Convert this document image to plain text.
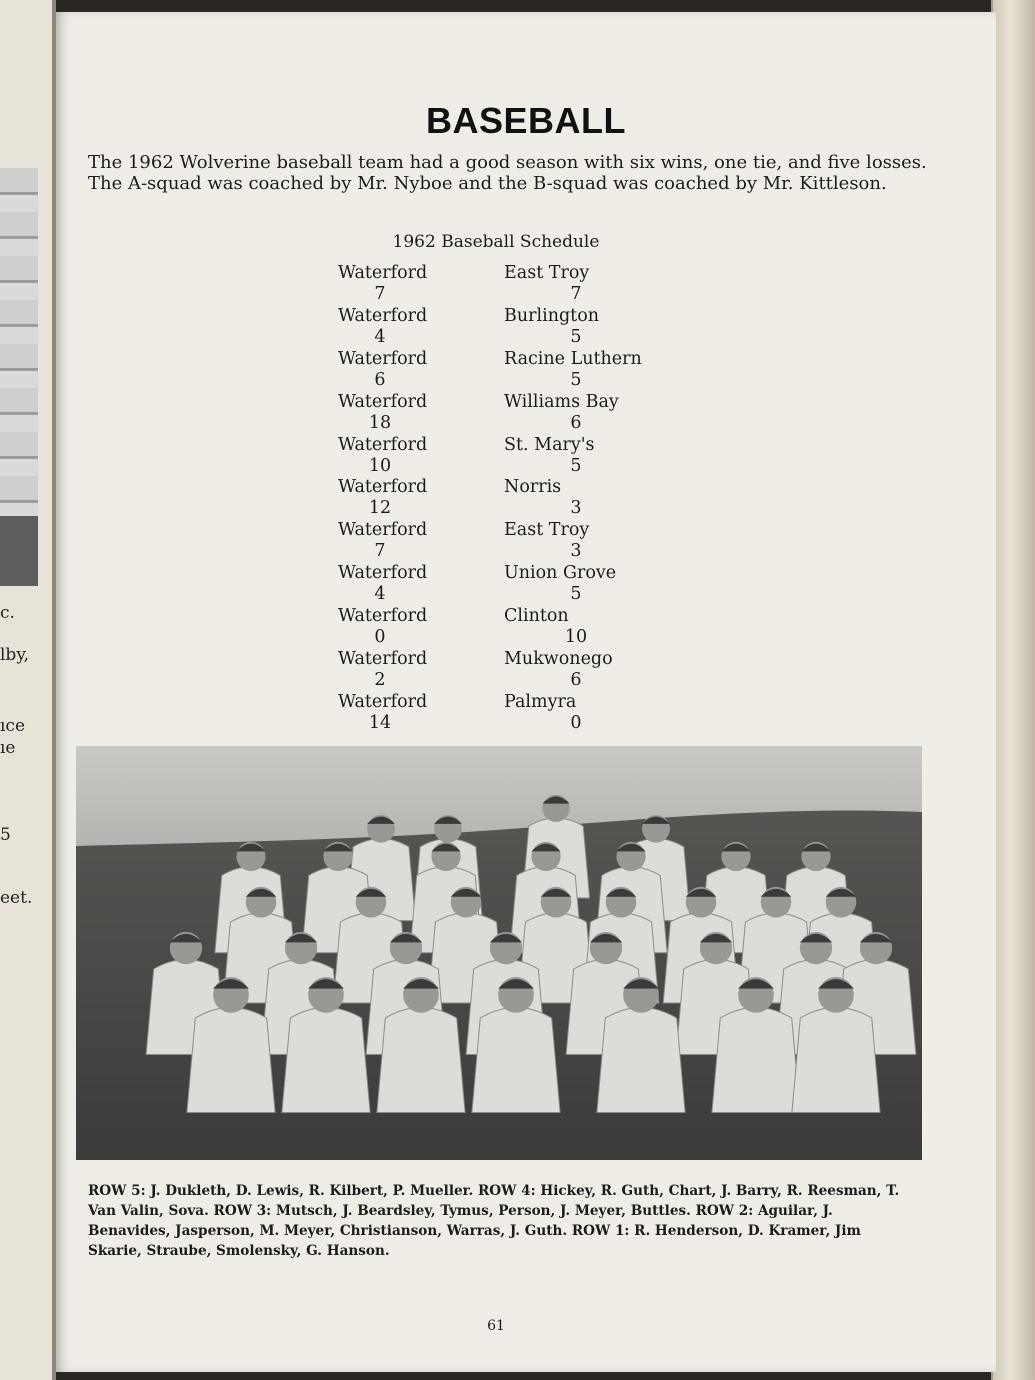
c.
lby,
ıce
ıe
5
eet.
BASEBALL
The 1962 Wolverine baseball team had a good season with six wins, one tie, and five losses. The A-squad was coached by Mr. Nyboe and the B-squad was coached by Mr. Kittleson.
1962 Baseball Schedule
Waterford
7
East Troy
7
Waterford
4
Burlington
5
Waterford
6
Racine Luthern
5
Waterford
18
Williams Bay
6
Waterford
10
St. Mary's
5
Waterford
12
Norris
3
Waterford
7
East Troy
3
Waterford
4
Union Grove
5
Waterford
0
Clinton
10
Waterford
2
Mukwonego
6
Waterford
14
Palmyra
0
ROW 5: J. Dukleth, D. Lewis, R. Kilbert, P. Mueller. ROW 4: Hickey, R. Guth, Chart, J. Barry, R. Reesman, T. Van Valin, Sova. ROW 3: Mutsch, J. Beardsley, Tymus, Person, J. Meyer, Buttles. ROW 2: Aguilar, J. Benavides, Jasperson, M. Meyer, Christianson, Warras, J. Guth. ROW 1: R. Henderson, D. Kramer, Jim Skarie, Straube, Smolensky, G. Hanson.
61
